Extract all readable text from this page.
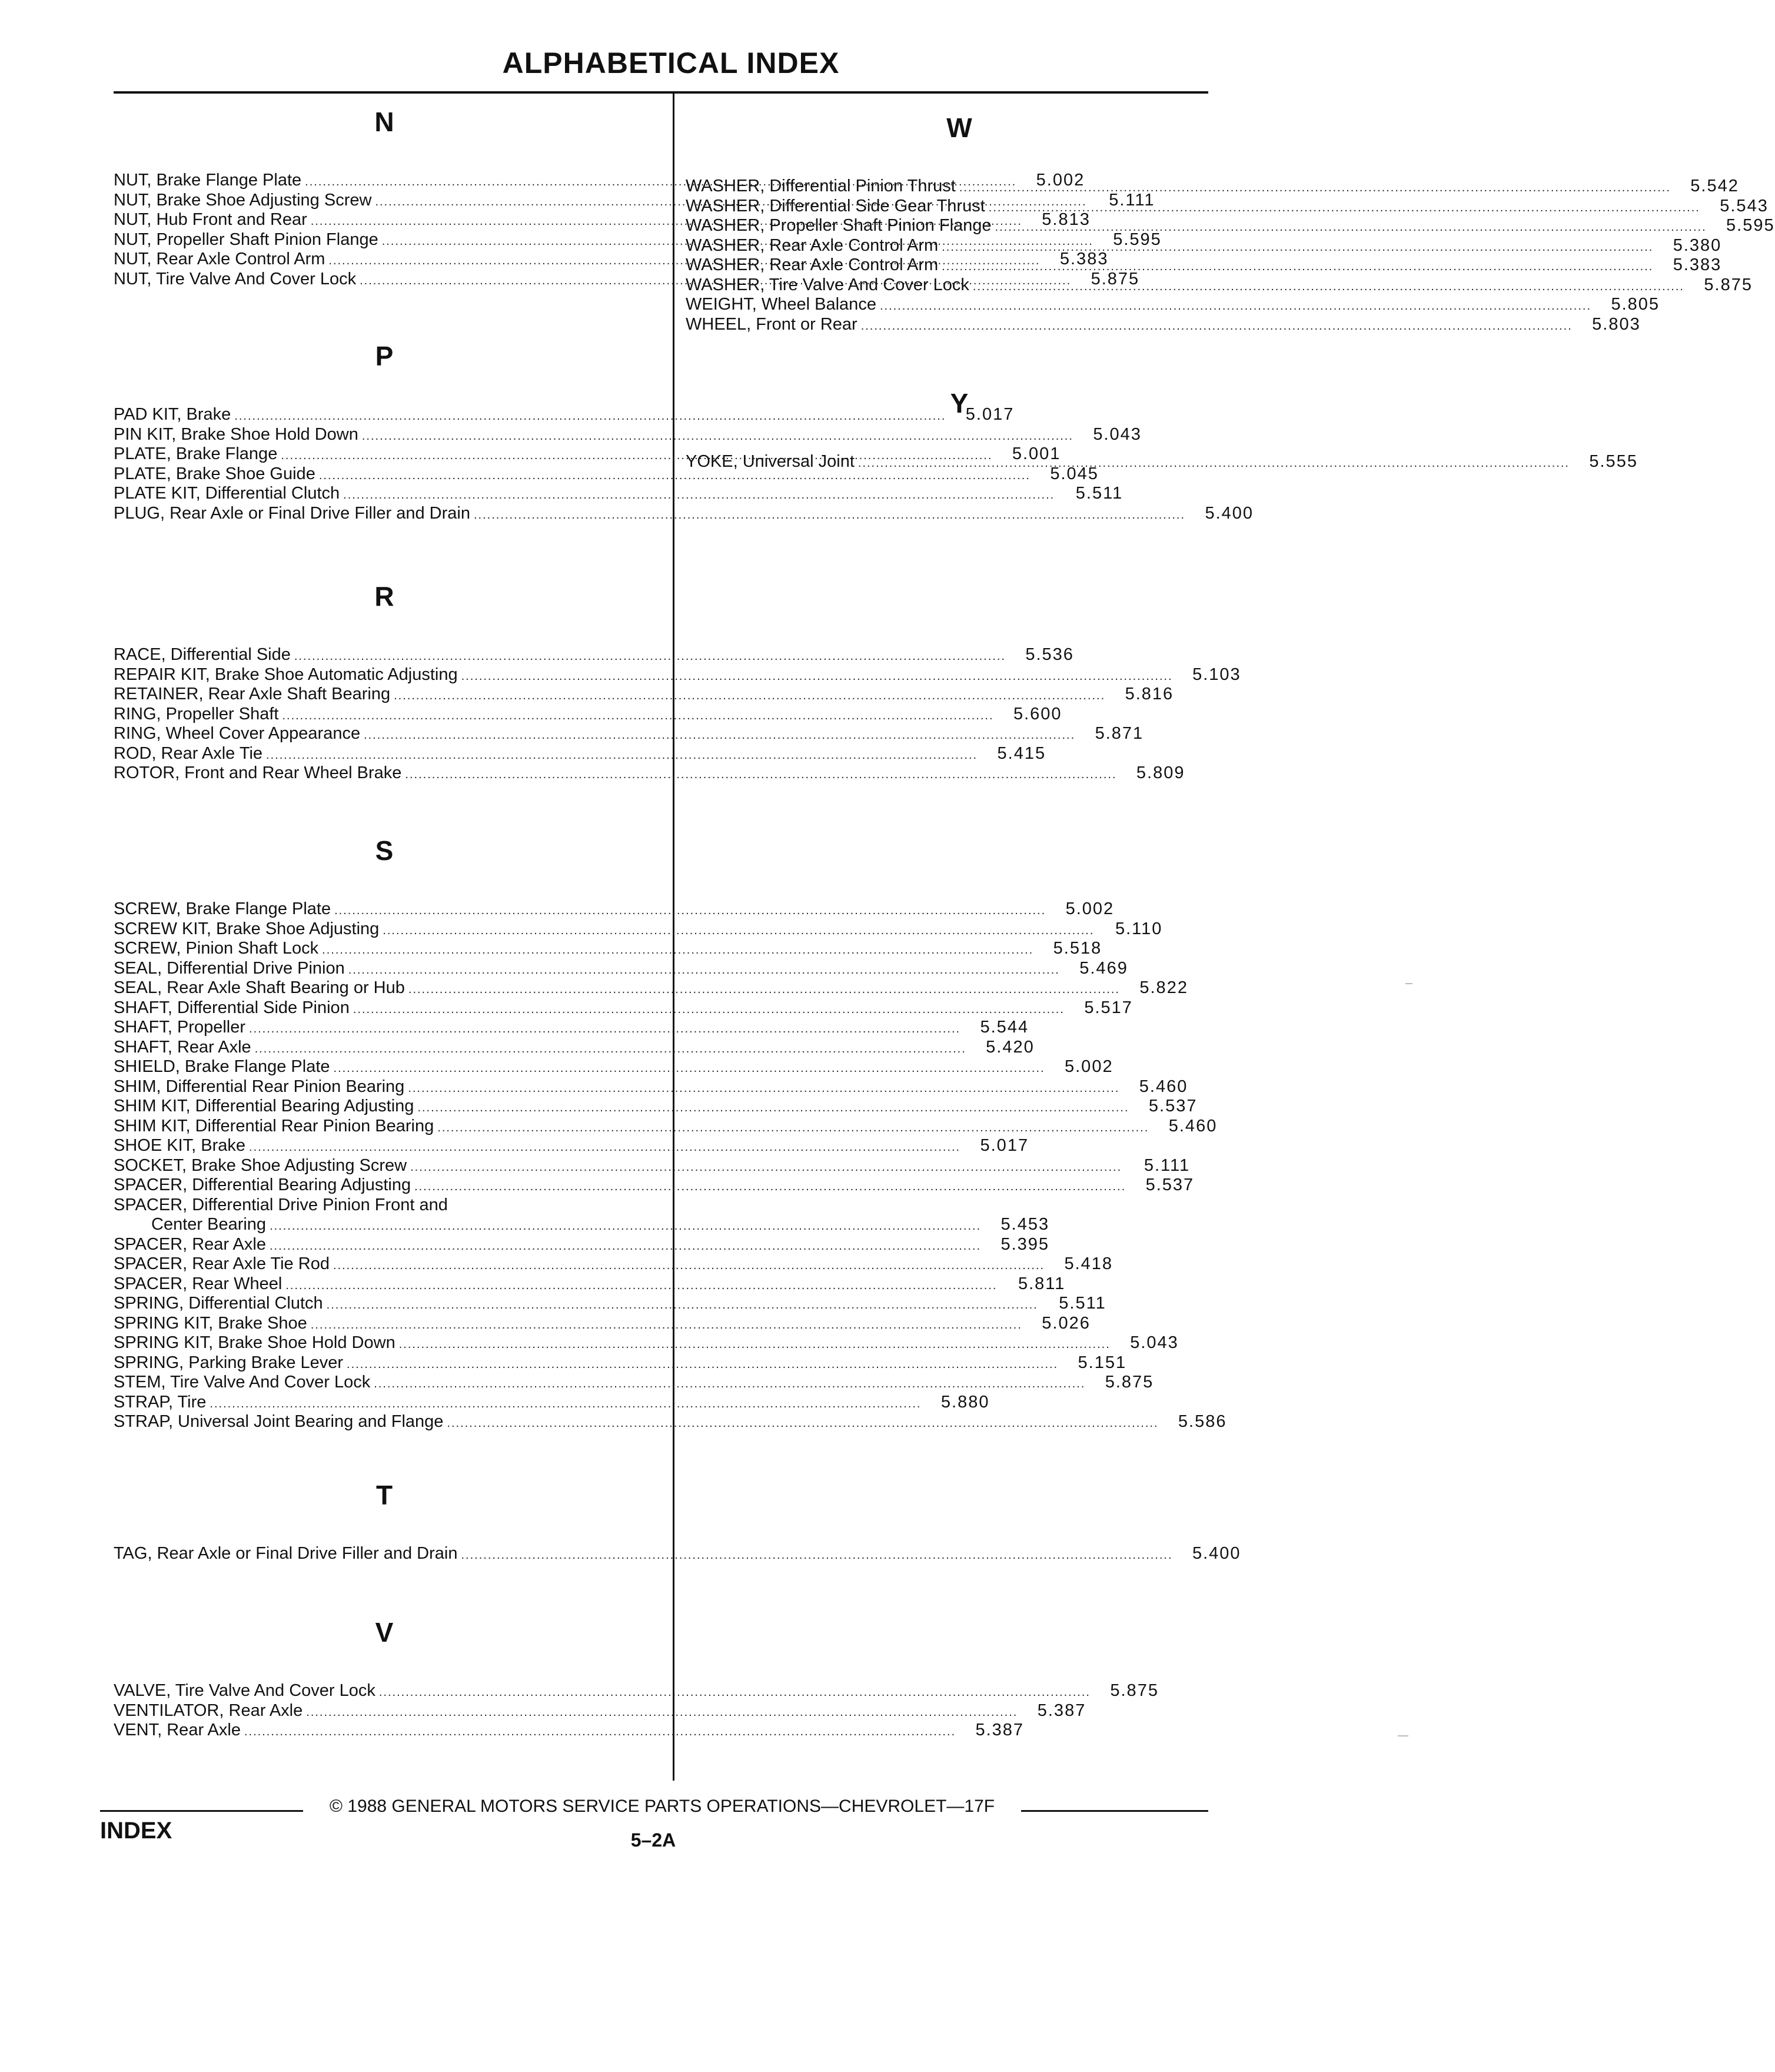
ALPHABETICAL INDEX
N
NUT, Brake Flange Plate .....	5.002
NUT, Brake Shoe Adjusting Screw .....	5.111
NUT, Hub Front and Rear .....	5.813
NUT, Propeller Shaft Pinion Flange .....	5.595
NUT, Rear Axle Control Arm .....	5.383
NUT, Tire Valve And Cover Lock .....	5.875
P
PAD KIT, Brake .....	5.017
PIN KIT, Brake Shoe Hold Down .....	5.043
PLATE, Brake Flange .....	5.001
PLATE, Brake Shoe Guide .....	5.045
PLATE KIT, Differential Clutch .....	5.511
PLUG, Rear Axle or Final Drive Filler and Drain .....	5.400
R
RACE, Differential Side .....	5.536
REPAIR KIT, Brake Shoe Automatic Adjusting .....	5.103
RETAINER, Rear Axle Shaft Bearing .....	5.816
RING, Propeller Shaft .....	5.600
RING, Wheel Cover Appearance .....	5.871
ROD, Rear Axle Tie .....	5.415
ROTOR, Front and Rear Wheel Brake .....	5.809
S
SCREW, Brake Flange Plate .....	5.002
SCREW KIT, Brake Shoe Adjusting .....	5.110
SCREW, Pinion Shaft Lock .....	5.518
SEAL, Differential Drive Pinion .....	5.469
SEAL, Rear Axle Shaft Bearing or Hub .....	5.822
SHAFT, Differential Side Pinion .....	5.517
SHAFT, Propeller .....	5.544
SHAFT, Rear Axle .....	5.420
SHIELD, Brake Flange Plate .....	5.002
SHIM, Differential Rear Pinion Bearing .....	5.460
SHIM KIT, Differential Bearing Adjusting .....	5.537
SHIM KIT, Differential Rear Pinion Bearing .....	5.460
SHOE KIT, Brake .....	5.017
SOCKET, Brake Shoe Adjusting Screw .....	5.111
SPACER, Differential Bearing Adjusting .....	5.537
SPACER, Differential Drive Pinion Front and
Center Bearing .....	5.453
SPACER, Rear Axle .....	5.395
SPACER, Rear Axle Tie Rod .....	5.418
SPACER, Rear Wheel .....	5.811
SPRING, Differential Clutch .....	5.511
SPRING KIT, Brake Shoe .....	5.026
SPRING KIT, Brake Shoe Hold Down .....	5.043
SPRING, Parking Brake Lever .....	5.151
STEM, Tire Valve And Cover Lock .....	5.875
STRAP, Tire .....	5.880
STRAP, Universal Joint Bearing and Flange .....	5.586
T
TAG, Rear Axle or Final Drive Filler and Drain .....	5.400
V
VALVE, Tire Valve And Cover Lock .....	5.875
VENTILATOR, Rear Axle .....	5.387
VENT, Rear Axle .....	5.387
W
WASHER, Differential Pinion Thrust .....	5.542
WASHER, Differential Side Gear Thrust .....	5.543
WASHER, Propeller Shaft Pinion Flange .....	5.595
WASHER, Rear Axle Control Arm .....	5.380
WASHER, Rear Axle Control Arm .....	5.383
WASHER, Tire Valve And Cover Lock .....	5.875
WEIGHT, Wheel Balance .....	5.805
WHEEL, Front or Rear .....	5.803
Y
YOKE, Universal Joint .....	5.555
© 1988 GENERAL MOTORS SERVICE PARTS OPERATIONS—CHEVROLET—17F
INDEX	5–2A
